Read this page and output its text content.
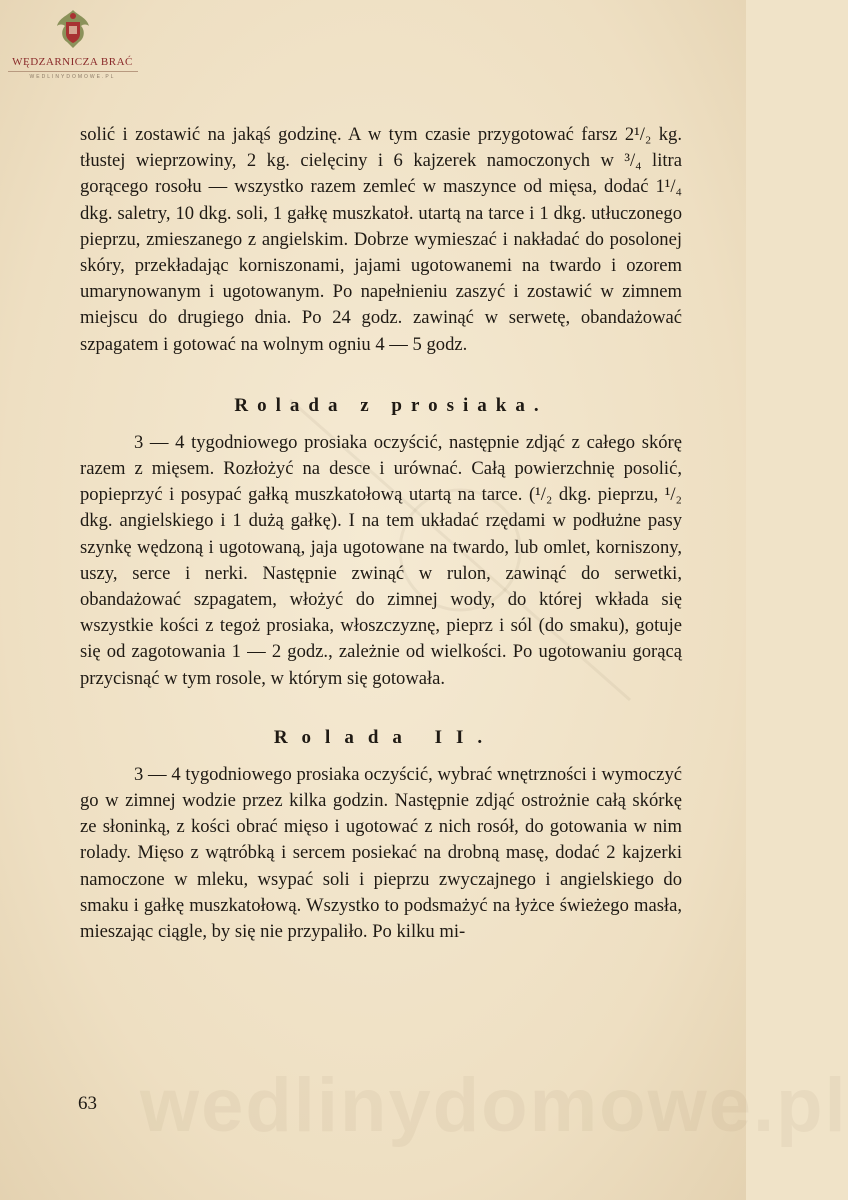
WĘDZARNICZA BRAĆ
WEDLINYDOMOWE.PL

solić i zostawić na jakąś godzinę. A w tym czasie przygotować farsz 2¹/₂ kg. tłustej wieprzowiny, 2 kg. cielęciny i 6 kajzerek namoczonych w ³/₄ litra gorącego rosołu — wszystko razem zemleć w maszynce od mięsa, dodać 1¹/₄ dkg. saletry, 10 dkg. soli, 1 gałkę muszkatoł. utartą na tarce i 1 dkg. utłuczonego pieprzu, zmieszanego z angielskim. Dobrze wymieszać i nakładać do posolonej skóry, przekładając korniszonami, jajami ugotowanemi na twardo i ozorem umarynowanym i ugotowanym. Po napełnieniu zaszyć i zostawić w zimnem miejscu do drugiego dnia. Po 24 godz. zawinąć w serwetę, obandażować szpagatem i gotować na wolnym ogniu 4 — 5 godz.

Rolada z prosiaka.

3 — 4 tygodniowego prosiaka oczyścić, następnie zdjąć z całego skórę razem z mięsem. Rozłożyć na desce i urównać. Całą powierzchnię posolić, popieprzyć i posypać gałką muszkatołową utartą na tarce. (¹/₂ dkg. pieprzu, ¹/₂ dkg. angielskiego i 1 dużą gałkę). I na tem układać rzędami w podłużne pasy szynkę wędzoną i ugotowaną, jaja ugotowane na twardo, lub omlet, korniszony, uszy, serce i nerki. Następnie zwinąć w rulon, zawinąć do serwetki, obandażować szpagatem, włożyć do zimnej wody, do której wkłada się wszystkie kości z tegoż prosiaka, włoszczyznę, pieprz i sól (do smaku), gotuje się od zagotowania 1 — 2 godz., zależnie od wielkości. Po ugotowaniu gorącą przycisnąć w tym rosole, w którym się gotowała.

Rolada II.

3 — 4 tygodniowego prosiaka oczyścić, wybrać wnętrzności i wymoczyć go w zimnej wodzie przez kilka godzin. Następnie zdjąć ostrożnie całą skórkę ze słoninką, z kości obrać mięso i ugotować z nich rosół, do gotowania w nim rolady. Mięso z wątróbką i sercem posiekać na drobną masę, dodać 2 kajzerki namoczone w mleku, wsypać soli i pieprzu zwyczajnego i angielskiego do smaku i gałkę muszkatołową. Wszystko to podsmażyć na łyżce świeżego masła, mieszając ciągle, by się nie przypaliło. Po kilku mi-

wedlinydomowe.pl
63
